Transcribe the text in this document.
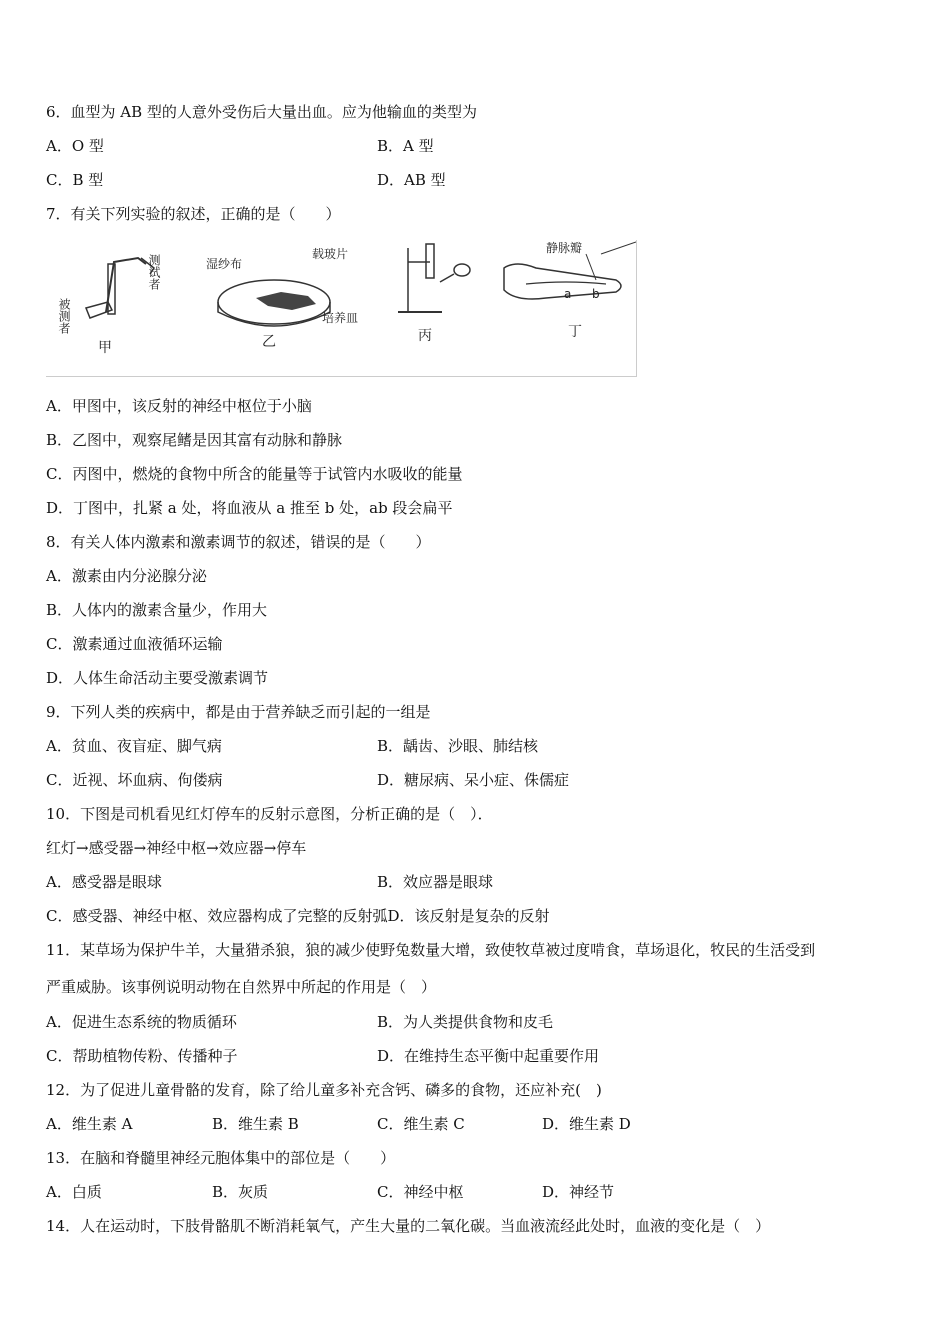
6．血型为 AB 型的人意外受伤后大量出血。应为他输血的类型为
A．O 型	B．A 型
C．B 型	D．AB 型
7．有关下列实验的叙述，正确的是（　　）
测试者
被测者
甲
湿纱布
载玻片
培养皿
乙	丙
静脉瓣
a b
丁
A．甲图中，该反射的神经中枢位于小脑
B．乙图中，观察尾鳍是因其富有动脉和静脉
C．丙图中，燃烧的食物中所含的能量等于试管内水吸收的能量
D．丁图中，扎紧 a 处，将血液从 a 推至 b 处，ab 段会扁平
8．有关人体内激素和激素调节的叙述，错误的是（　　）
A．激素由内分泌腺分泌
B．人体内的激素含量少，作用大
C．激素通过血液循环运输
D．人体生命活动主要受激素调节
9．下列人类的疾病中，都是由于营养缺乏而引起的一组是
A．贫血、夜盲症、脚气病	B．龋齿、沙眼、肺结核
C．近视、坏血病、佝偻病	D．糖尿病、呆小症、侏儒症
10．下图是司机看见红灯停车的反射示意图，分析正确的是（　）．
红灯→感受器→神经中枢→效应器→停车
A．感受器是眼球	B．效应器是眼球
C．感受器、神经中枢、效应器构成了完整的反射弧D．该反射是复杂的反射
11．某草场为保护牛羊，大量猎杀狼，狼的减少使野兔数量大增，致使牧草被过度啃食，草场退化，牧民的生活受到
严重威胁。该事例说明动物在自然界中所起的作用是（　）
A．促进生态系统的物质循环	B．为人类提供食物和皮毛
C．帮助植物传粉、传播种子	D．在维持生态平衡中起重要作用
12．为了促进儿童骨骼的发育，除了给儿童多补充含钙、磷多的食物，还应补充(　)
A．维生素 A	B．维生素 B	C．维生素 C	D．维生素 D
13．在脑和脊髓里神经元胞体集中的部位是（　　）
A．白质	B．灰质	C．神经中枢	D．神经节
14．人在运动时，下肢骨骼肌不断消耗氧气，产生大量的二氧化碳。当血液流经此处时，血液的变化是（　）
